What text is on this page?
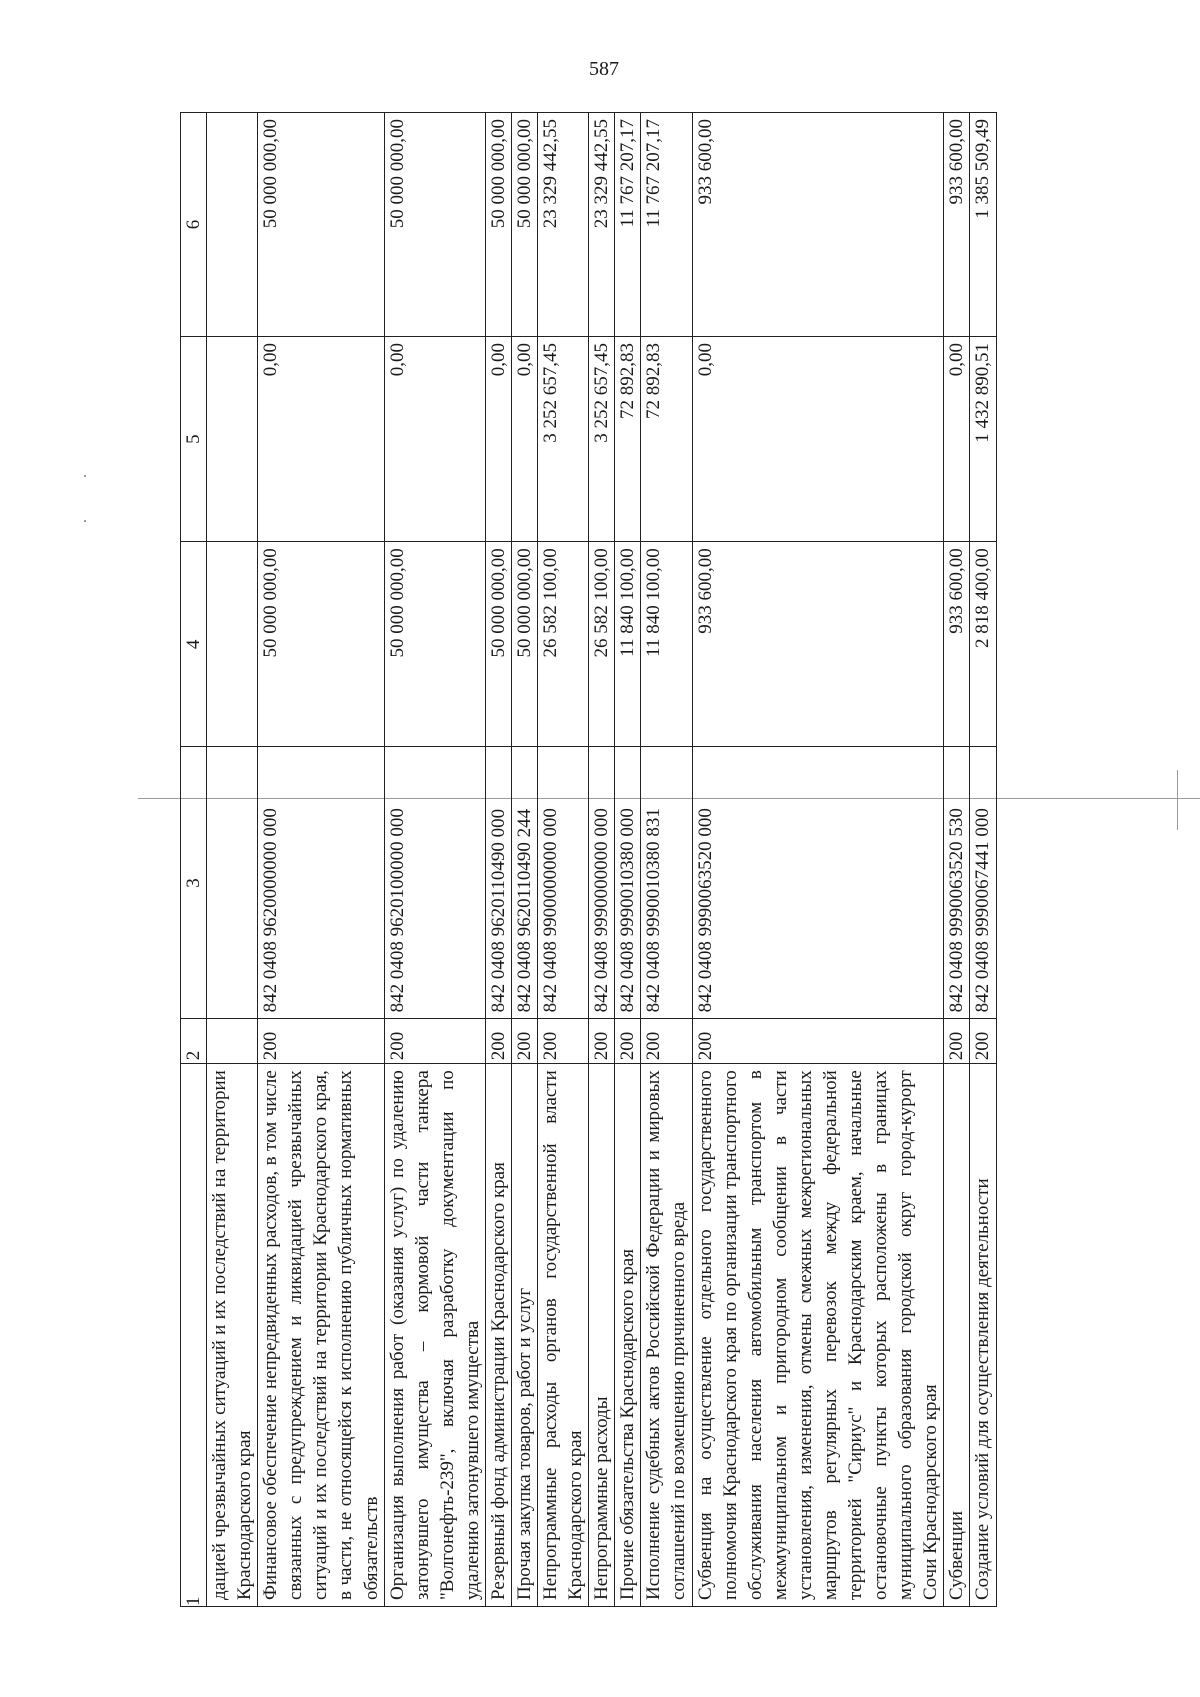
587
1	2	3	4	5	6
дацией чрезвычайных ситуаций и их последствий на территории Краснодарского края					
Финансовое обеспечение непредвиденных расходов, в том числе связанных с предупреждением и ликвидацией чрезвычайных ситуаций и их последствий на территории Краснодарского края, в части, не относящейся к исполнению публичных нормативных обязательств	200	842 0408 9620000000 000	50 000 000,00	0,00	50 000 000,00
Организация выполнения работ (оказания услуг) по удалению затонувшего имущества – кормовой части танкера "Волгонефть-239", включая разработку документации по удалению затонувшего имущества	200	842 0408 9620100000 000	50 000 000,00	0,00	50 000 000,00
Резервный фонд администрации Краснодарского края	200	842 0408 9620110490 000	50 000 000,00	0,00	50 000 000,00
Прочая закупка товаров, работ и услуг	200	842 0408 9620110490 244	50 000 000,00	0,00	50 000 000,00
Непрограммные расходы органов государственной власти Краснодарского края	200	842 0408 9900000000 000	26 582 100,00	3 252 657,45	23 329 442,55
Непрограммные расходы	200	842 0408 9990000000 000	26 582 100,00	3 252 657,45	23 329 442,55
Прочие обязательства Краснодарского края	200	842 0408 9990010380 000	11 840 100,00	72 892,83	11 767 207,17
Исполнение судебных актов Российской Федерации и мировых соглашений по возмещению причиненного вреда	200	842 0408 9990010380 831	11 840 100,00	72 892,83	11 767 207,17
Субвенция на осуществление отдельного государственного полномочия Краснодарского края по организации транспортного обслуживания населения автомобильным транспортом в межмуниципальном и пригородном сообщении в части установления, изменения, отмены смежных межрегиональных маршрутов регулярных перевозок между федеральной территорией "Сириус" и Краснодарским краем, начальные остановочные пункты которых расположены в границах муниципального образования городской округ город-курорт Сочи Краснодарского края	200	842 0408 9990063520 000	933 600,00	0,00	933 600,00
Субвенции	200	842 0408 9990063520 530	933 600,00	0,00	933 600,00
Создание условий для осуществления деятельности	200	842 0408 9990067441 000	2 818 400,00	1 432 890,51	1 385 509,49
